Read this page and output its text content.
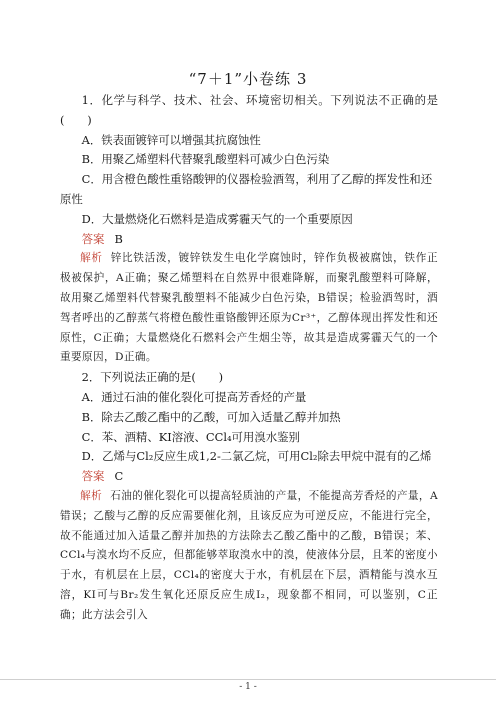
“7＋1”小卷练 3

1．化学与科学、技术、社会、环境密切相关。下列说法不正确的是(　　)

A．铁表面镀锌可以增强其抗腐蚀性

B．用聚乙烯塑料代替聚乳酸塑料可减少白色污染

C．用含橙色酸性重铬酸钾的仪器检验酒驾，利用了乙醇的挥发性和还原性

D．大量燃烧化石燃料是造成雾霾天气的一个重要原因

答案 B

解析 锌比铁活泼，镀锌铁发生电化学腐蚀时，锌作负极被腐蚀，铁作正极被保护，A正确；聚乙烯塑料在自然界中很难降解，而聚乳酸塑料可降解，故用聚乙烯塑料代替聚乳酸塑料不能减少白色污染，B错误；检验酒驾时，酒驾者呼出的乙醇蒸气将橙色酸性重铬酸钾还原为Cr³⁺，乙醇体现出挥发性和还原性，C正确；大量燃烧化石燃料会产生烟尘等，故其是造成雾霾天气的一个重要原因，D正确。

2．下列说法正确的是(　　)

A．通过石油的催化裂化可提高芳香烃的产量

B．除去乙酸乙酯中的乙酸，可加入适量乙醇并加热

C．苯、酒精、KI溶液、CCl₄可用溴水鉴别

D．乙烯与Cl₂反应生成1,2-二氯乙烷，可用Cl₂除去甲烷中混有的乙烯

答案 C

解析 石油的催化裂化可以提高轻质油的产量，不能提高芳香烃的产量，A错误；乙酸与乙醇的反应需要催化剂，且该反应为可逆反应，不能进行完全，故不能通过加入适量乙醇并加热的方法除去乙酸乙酯中的乙酸，B错误；苯、CCl₄与溴水均不反应，但都能够萃取溴水中的溴，使液体分层，且苯的密度小于水，有机层在上层，CCl₄的密度大于水，有机层在下层，酒精能与溴水互溶，KI可与Br₂发生氧化还原反应生成I₂，现象都不相同，可以鉴别，C正确；此方法会引入

- 1 -
